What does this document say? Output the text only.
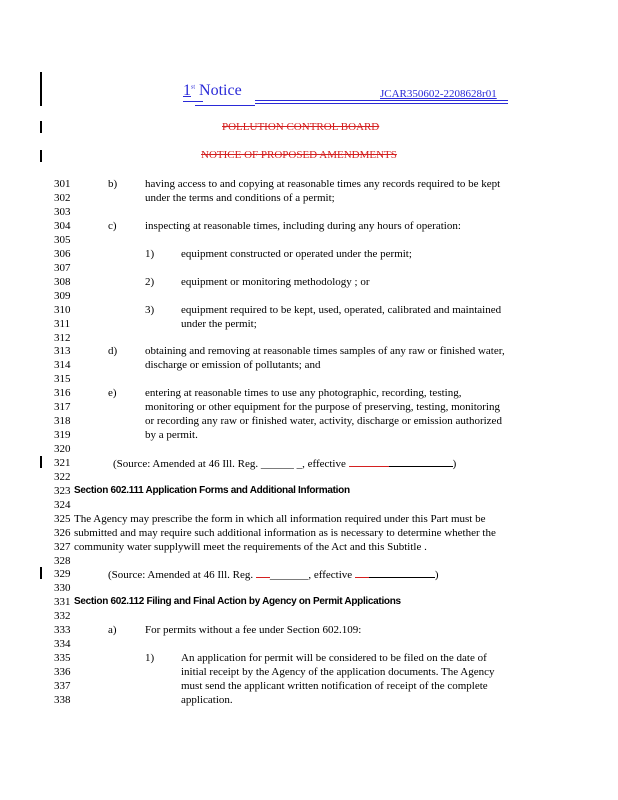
1st Notice	JCAR350602-2208628r01
POLLUTION CONTROL BOARD
NOTICE OF PROPOSED AMENDMENTS
301
302
303
304
305
306
307
308
309
310
311
312
313
314
315
316
317
318
319
320
321
322
323
324
325
326
327
328
329
330
331
332
333
334
335
336
337
338
b)	having access to and copying at reasonable times any records required to be kept
under the terms and conditions of a permit;
c)	inspecting at reasonable times, including during any hours of operation:
1) equipment constructed or operated under the permit;
2) equipment or monitoring methodology ; or
3) equipment required to be kept, used, operated, calibrated and maintained
under the permit;
d)	obtaining and removing at reasonable times samples of any raw or finished water,
discharge or emission of pollutants; and
e)	entering at reasonable times to use any photographic, recording, testing,
monitoring or other equipment for the purpose of preserving, testing, monitoring
or recording any raw or finished water, activity, discharge or emission authorized
by a permit.
(Source: Amended at 46 Ill. Reg. ______ _, effective	)
Section 602.111 Application Forms and Additional Information
The Agency may prescribe the form in which all information required under this Part must be
submitted and may require such additional information as is necessary to determine whether the
community water supplywill meet the requirements of the Act and this Subtitle .
(Source: Amended at 46 Ill. Reg. _______, effective	)
Section 602.112 Filing and Final Action by Agency on Permit Applications
a)	For permits without a fee under Section 602.109:
1) An application for permit will be considered to be filed on the date of
initial receipt by the Agency of the application documents. The Agency
must send the applicant written notification of receipt of the complete
application.
